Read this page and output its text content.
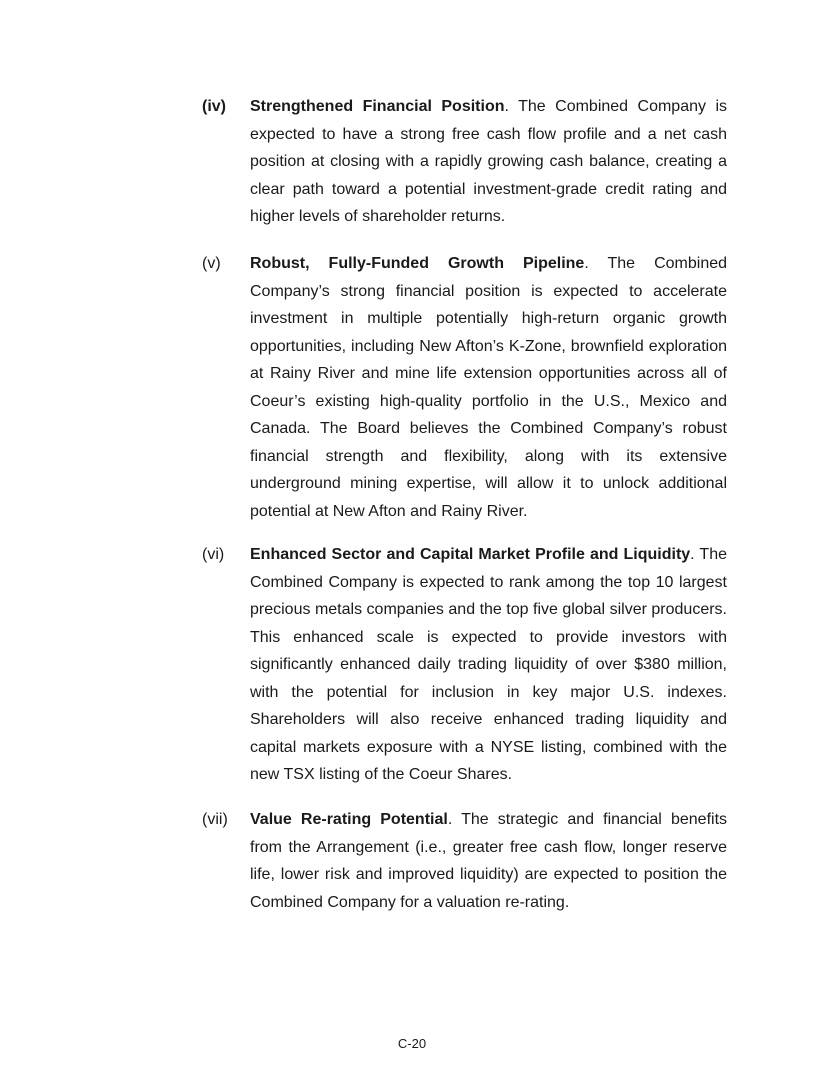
(iv) Strengthened Financial Position. The Combined Company is expected to have a strong free cash flow profile and a net cash position at closing with a rapidly growing cash balance, creating a clear path toward a potential investment-grade credit rating and higher levels of shareholder returns.

(v) Robust, Fully-Funded Growth Pipeline. The Combined Company’s strong financial position is expected to accelerate investment in multiple potentially high-return organic growth opportunities, including New Afton’s K-Zone, brownfield exploration at Rainy River and mine life extension opportunities across all of Coeur’s existing high-quality portfolio in the U.S., Mexico and Canada. The Board believes the Combined Company’s robust financial strength and flexibility, along with its extensive underground mining expertise, will allow it to unlock additional potential at New Afton and Rainy River.

(vi) Enhanced Sector and Capital Market Profile and Liquidity. The Combined Company is expected to rank among the top 10 largest precious metals companies and the top five global silver producers. This enhanced scale is expected to provide investors with significantly enhanced daily trading liquidity of over $380 million, with the potential for inclusion in key major U.S. indexes. Shareholders will also receive enhanced trading liquidity and capital markets exposure with a NYSE listing, combined with the new TSX listing of the Coeur Shares.

(vii) Value Re-rating Potential. The strategic and financial benefits from the Arrangement (i.e., greater free cash flow, longer reserve life, lower risk and improved liquidity) are expected to position the Combined Company for a valuation re-rating.

C-20
